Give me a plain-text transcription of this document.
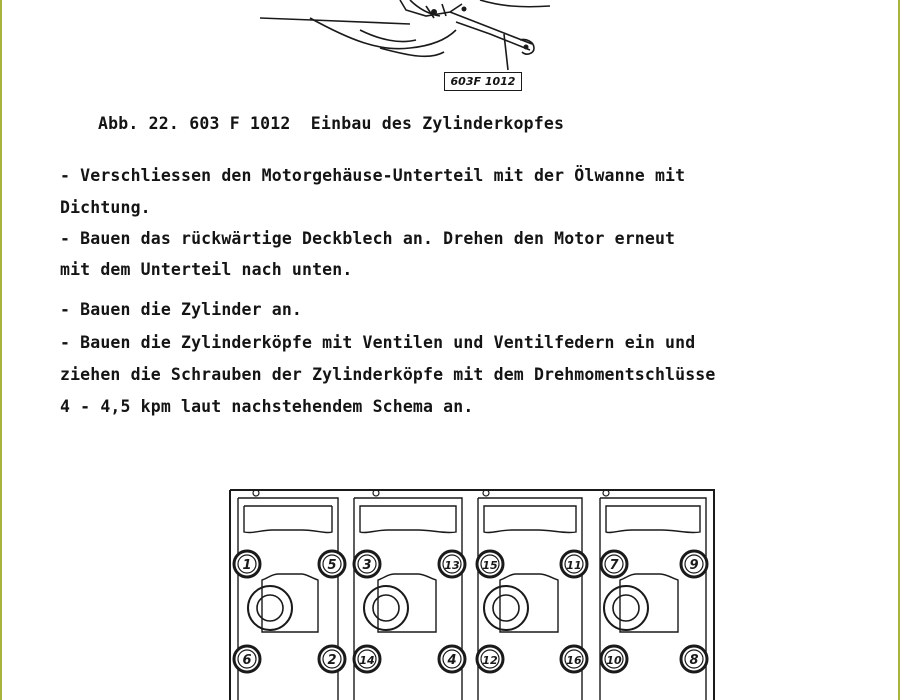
603F 1012
Abb. 22. 603 F 1012  Einbau des Zylinderkopfes
- Verschliessen den Motorgehäuse-Unterteil mit der Ölwanne mit
Dichtung.
- Bauen das rückwärtige Deckblech an. Drehen den Motor erneut
mit dem Unterteil nach unten.
- Bauen die Zylinder an.
- Bauen die Zylinderköpfe mit Ventilen und Ventilfedern ein und
ziehen die Schrauben der Zylinderköpfe mit dem Drehmomentschlüsse
4 - 4,5 kpm laut nachstehendem Schema an.
1	5 3	13 15	11 7	9
6	2 14	4 12	16 10	8
